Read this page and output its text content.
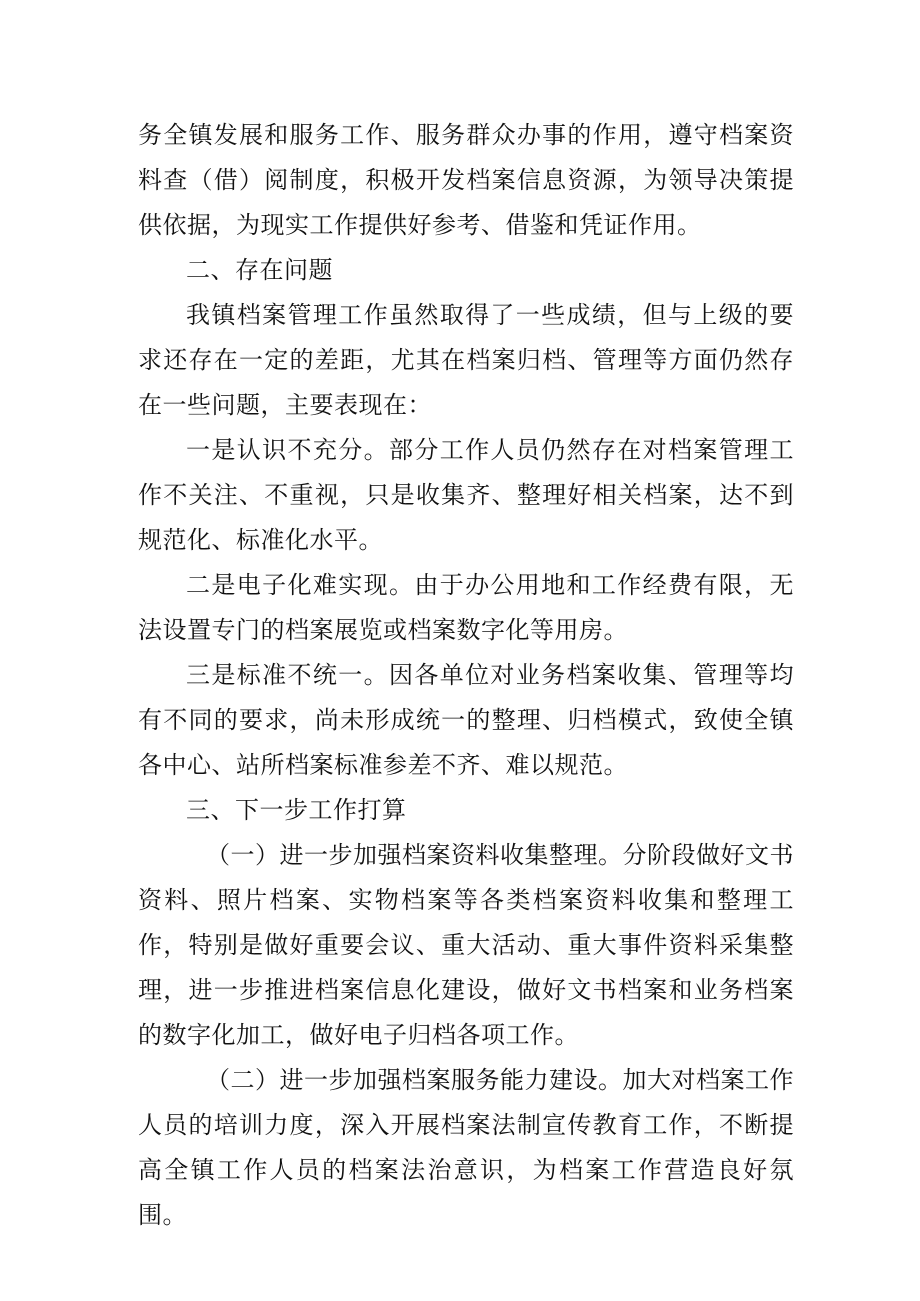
务全镇发展和服务工作、服务群众办事的作用，遵守档案资料查（借）阅制度，积极开发档案信息资源，为领导决策提供依据，为现实工作提供好参考、借鉴和凭证作用。

二、存在问题

我镇档案管理工作虽然取得了一些成绩，但与上级的要求还存在一定的差距，尤其在档案归档、管理等方面仍然存在一些问题，主要表现在：

一是认识不充分。部分工作人员仍然存在对档案管理工作不关注、不重视，只是收集齐、整理好相关档案，达不到规范化、标准化水平。

二是电子化难实现。由于办公用地和工作经费有限，无法设置专门的档案展览或档案数字化等用房。

三是标准不统一。因各单位对业务档案收集、管理等均有不同的要求，尚未形成统一的整理、归档模式，致使全镇各中心、站所档案标准参差不齐、难以规范。

三、下一步工作打算

（一）进一步加强档案资料收集整理。分阶段做好文书资料、照片档案、实物档案等各类档案资料收集和整理工作，特别是做好重要会议、重大活动、重大事件资料采集整理，进一步推进档案信息化建设，做好文书档案和业务档案的数字化加工，做好电子归档各项工作。

（二）进一步加强档案服务能力建设。加大对档案工作人员的培训力度，深入开展档案法制宣传教育工作，不断提高全镇工作人员的档案法治意识，为档案工作营造良好氛围。
